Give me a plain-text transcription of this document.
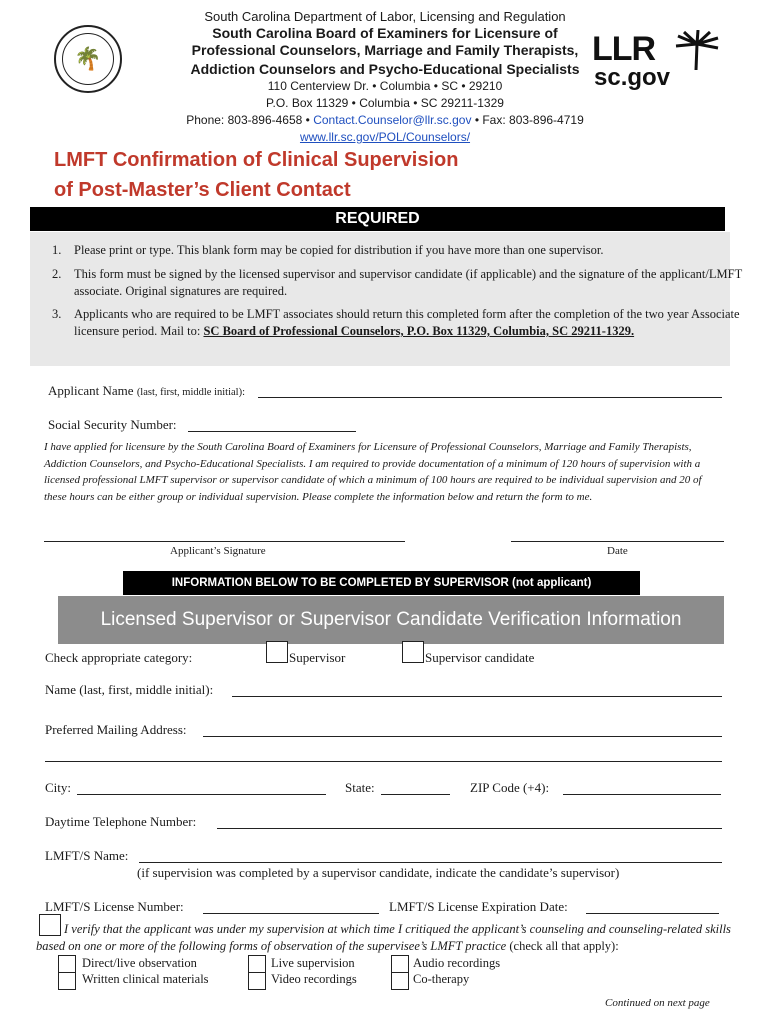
🌴
South Carolina Department of Labor, Licensing and Regulation
South Carolina Board of Examiners for Licensure of
Professional Counselors, Marriage and Family Therapists,
Addiction Counselors and Psycho-Educational Specialists
110 Centerview Dr. • Columbia • SC • 29210
P.O. Box 11329 • Columbia • SC 29211-1329
Phone: 803-896-4658 • Contact.Counselor@llr.sc.gov • Fax: 803-896-4719
www.llr.sc.gov/POL/Counselors/
LLR
sc.gov
LMFT Confirmation of Clinical Supervision
of Post-Master’s Client Contact
REQUIRED
1. Please print or type. This blank form may be copied for distribution if you have more than one supervisor.
2. This form must be signed by the licensed supervisor and supervisor candidate (if applicable) and the signature of the applicant/LMFT associate. Original signatures are required.
3. Applicants who are required to be LMFT associates should return this completed form after the completion of the two year Associate licensure period. Mail to: SC Board of Professional Counselors, P.O. Box 11329, Columbia, SC 29211-1329.
Applicant Name (last, first, middle initial):
Social Security Number:
I have applied for licensure by the South Carolina Board of Examiners for Licensure of Professional Counselors, Marriage and Family Therapists, Addiction Counselors, and Psycho-Educational Specialists. I am required to provide documentation of a minimum of 120 hours of supervision with a licensed professional LMFT supervisor or supervisor candidate of which a minimum of 100 hours are required to be individual supervision and 20 of these hours can be either group or individual supervision. Please complete the information below and return the form to me.
Applicant’s Signature	Date
INFORMATION BELOW TO BE COMPLETED BY SUPERVISOR (not applicant)
Licensed Supervisor or Supervisor Candidate Verification Information
Check appropriate category:	Supervisor	Supervisor candidate
Name (last, first, middle initial):
Preferred Mailing Address:
City:	State:	ZIP Code (+4):
Daytime Telephone Number:
LMFT/S Name:
(if supervision was completed by a supervisor candidate, indicate the candidate’s supervisor)
LMFT/S License Number:	LMFT/S License Expiration Date:
I verify that the applicant was under my supervision at which time I critiqued the applicant’s counseling and counseling-related skills based on one or more of the following forms of observation of the supervisee’s LMFT practice (check all that apply):
Direct/live observation	Live supervision	Audio recordings
Written clinical materials	Video recordings	Co-therapy
Continued on next page
